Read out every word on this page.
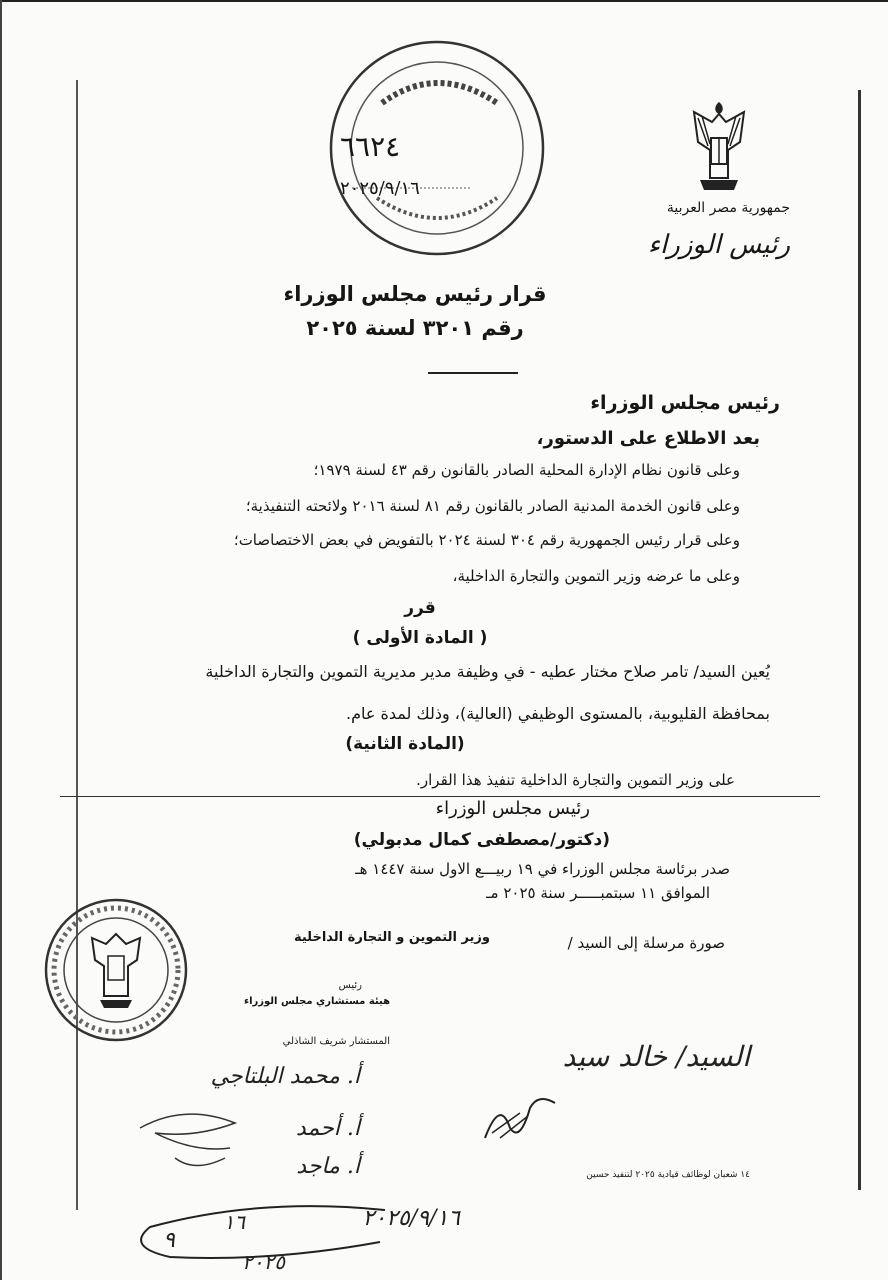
جمهورية مصر العربية
رئيس الوزراء
٦٦٢٤
٢٠٢٥/٩/١٦
قرار رئيس مجلس الوزراء
رقم ٣٢٠١ لسنة ٢٠٢٥
رئيس مجلس الوزراء
بعد الاطلاع على الدستور،
وعلى قانون نظام الإدارة المحلية الصادر بالقانون رقم ٤٣ لسنة ١٩٧٩؛
وعلى قانون الخدمة المدنية الصادر بالقانون رقم ٨١ لسنة ٢٠١٦ ولائحته التنفيذية؛
وعلى قرار رئيس الجمهورية رقم ٣٠٤ لسنة ٢٠٢٤ بالتفويض في بعض الاختصاصات؛
وعلى ما عرضه وزير التموين والتجارة الداخلية،
قرر
( المادة الأولى )
يُعين السيد/ تامر صلاح مختار عطيه - في وظيفة مدير مديرية التموين والتجارة الداخلية
بمحافظة القليوبية، بالمستوى الوظيفي (العالية)، وذلك لمدة عام.
(المادة الثانية)
على وزير التموين والتجارة الداخلية تنفيذ هذا القرار.
رئيس مجلس الوزراء
(دكتور/مصطفى كمال مدبولي)
صدر برئاسة مجلس الوزراء في ١٩ ربيـــع الاول سنة ١٤٤٧ هـ
الموافق ١١ سبتمبـــــر سنة ٢٠٢٥ مـ
صورة مرسلة إلى السيد /
وزير التموين و التجارة الداخلية
رئيس
هيئة مستشاري مجلس الوزراء
المستشار شريف الشاذلي	السيد/ خالد سيد
أ. محمد البلتاجي
أ. أحمد
أ. ماجد
٢٠٢٥/٩/١٦
١٦
٩
٢٠٢٥
١٤ شعبان لوظائف قيادية ٢٠٢٥ لتنفيذ حسين
